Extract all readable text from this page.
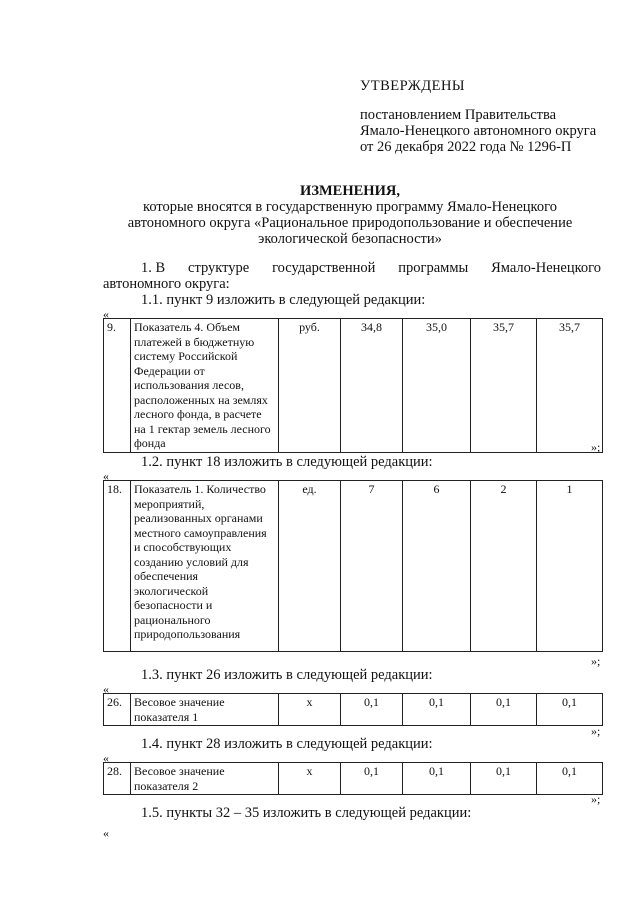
УТВЕРЖДЕНЫ
постановлением Правительства
Ямало-Ненецкого автономного округа
от 26 декабря 2022 года № 1296-П
ИЗМЕНЕНИЯ,
которые вносятся в государственную программу Ямало-Ненецкого
автономного округа «Рациональное природопользование и обеспечение
экологической безопасности»
1. В структуре государственной программы Ямало-Ненецкого
автономного округа:
1.1. пункт 9 изложить в следующей редакции:
«
9.	Показатель 4. Объем платежей в бюджетную систему Российской Федерации от использования лесов, расположенных на землях лесного фонда, в расчете на 1 гектар земель лесного фонда	руб.	34,8	35,0	35,7	35,7
»;
1.2. пункт 18 изложить в следующей редакции:
«
18.	Показатель 1. Количество мероприятий, реализованных органами местного самоуправления и способствующих созданию условий для обеспечения экологической безопасности и рационального природопользования	ед.	7	6	2	1
»;
1.3. пункт 26 изложить в следующей редакции:
«
26.	Весовое значение показателя 1	х	0,1	0,1	0,1	0,1
»;
1.4. пункт 28 изложить в следующей редакции:
«
28.	Весовое значение показателя 2	х	0,1	0,1	0,1	0,1
»;
1.5. пункты 32 – 35 изложить в следующей редакции:
«
